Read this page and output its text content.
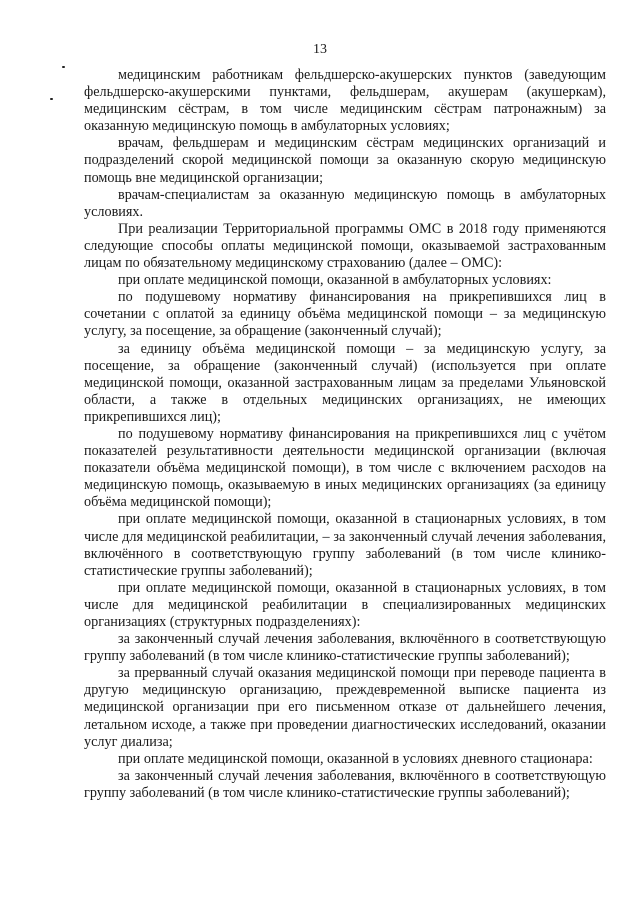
13

медицинским работникам фельдшерско-акушерских пунктов (заведующим фельдшерско-акушерскими пунктами, фельдшерам, акушерам (акушеркам), медицинским сёстрам, в том числе медицинским сёстрам патронажным) за оказанную медицинскую помощь в амбулаторных условиях;

врачам, фельдшерам и медицинским сёстрам медицинских организаций и подразделений скорой медицинской помощи за оказанную скорую медицинскую помощь вне медицинской организации;

врачам-специалистам за оказанную медицинскую помощь в амбулаторных условиях.

При реализации Территориальной программы ОМС в 2018 году применяются следующие способы оплаты медицинской помощи, оказываемой застрахованным лицам по обязательному медицинскому страхованию (далее – ОМС):

при оплате медицинской помощи, оказанной в амбулаторных условиях:

по подушевому нормативу финансирования на прикрепившихся лиц в сочетании с оплатой за единицу объёма медицинской помощи – за медицинскую услугу, за посещение, за обращение (законченный случай);

за единицу объёма медицинской помощи – за медицинскую услугу, за посещение, за обращение (законченный случай) (используется при оплате медицинской помощи, оказанной застрахованным лицам за пределами Ульяновской области, а также в отдельных медицинских организациях, не имеющих прикрепившихся лиц);

по подушевому нормативу финансирования на прикрепившихся лиц с учётом показателей результативности деятельности медицинской организации (включая показатели объёма медицинской помощи), в том числе с включением расходов на медицинскую помощь, оказываемую в иных медицинских организациях (за единицу объёма медицинской помощи);

при оплате медицинской помощи, оказанной в стационарных условиях, в том числе для медицинской реабилитации, – за законченный случай лечения заболевания, включённого в соответствующую группу заболеваний (в том числе клинико-статистические группы заболеваний);

при оплате медицинской помощи, оказанной в стационарных условиях, в том числе для медицинской реабилитации в специализированных медицинских организациях (структурных подразделениях):

за законченный случай лечения заболевания, включённого в соответствующую группу заболеваний (в том числе клинико-статистические группы заболеваний);

за прерванный случай оказания медицинской помощи при переводе пациента в другую медицинскую организацию, преждевременной выписке пациента из медицинской организации при его письменном отказе от дальнейшего лечения, летальном исходе, а также при проведении диагностических исследований, оказании услуг диализа;

при оплате медицинской помощи, оказанной в условиях дневного стационара:

за законченный случай лечения заболевания, включённого в соответствующую группу заболеваний (в том числе клинико-статистические группы заболеваний);
